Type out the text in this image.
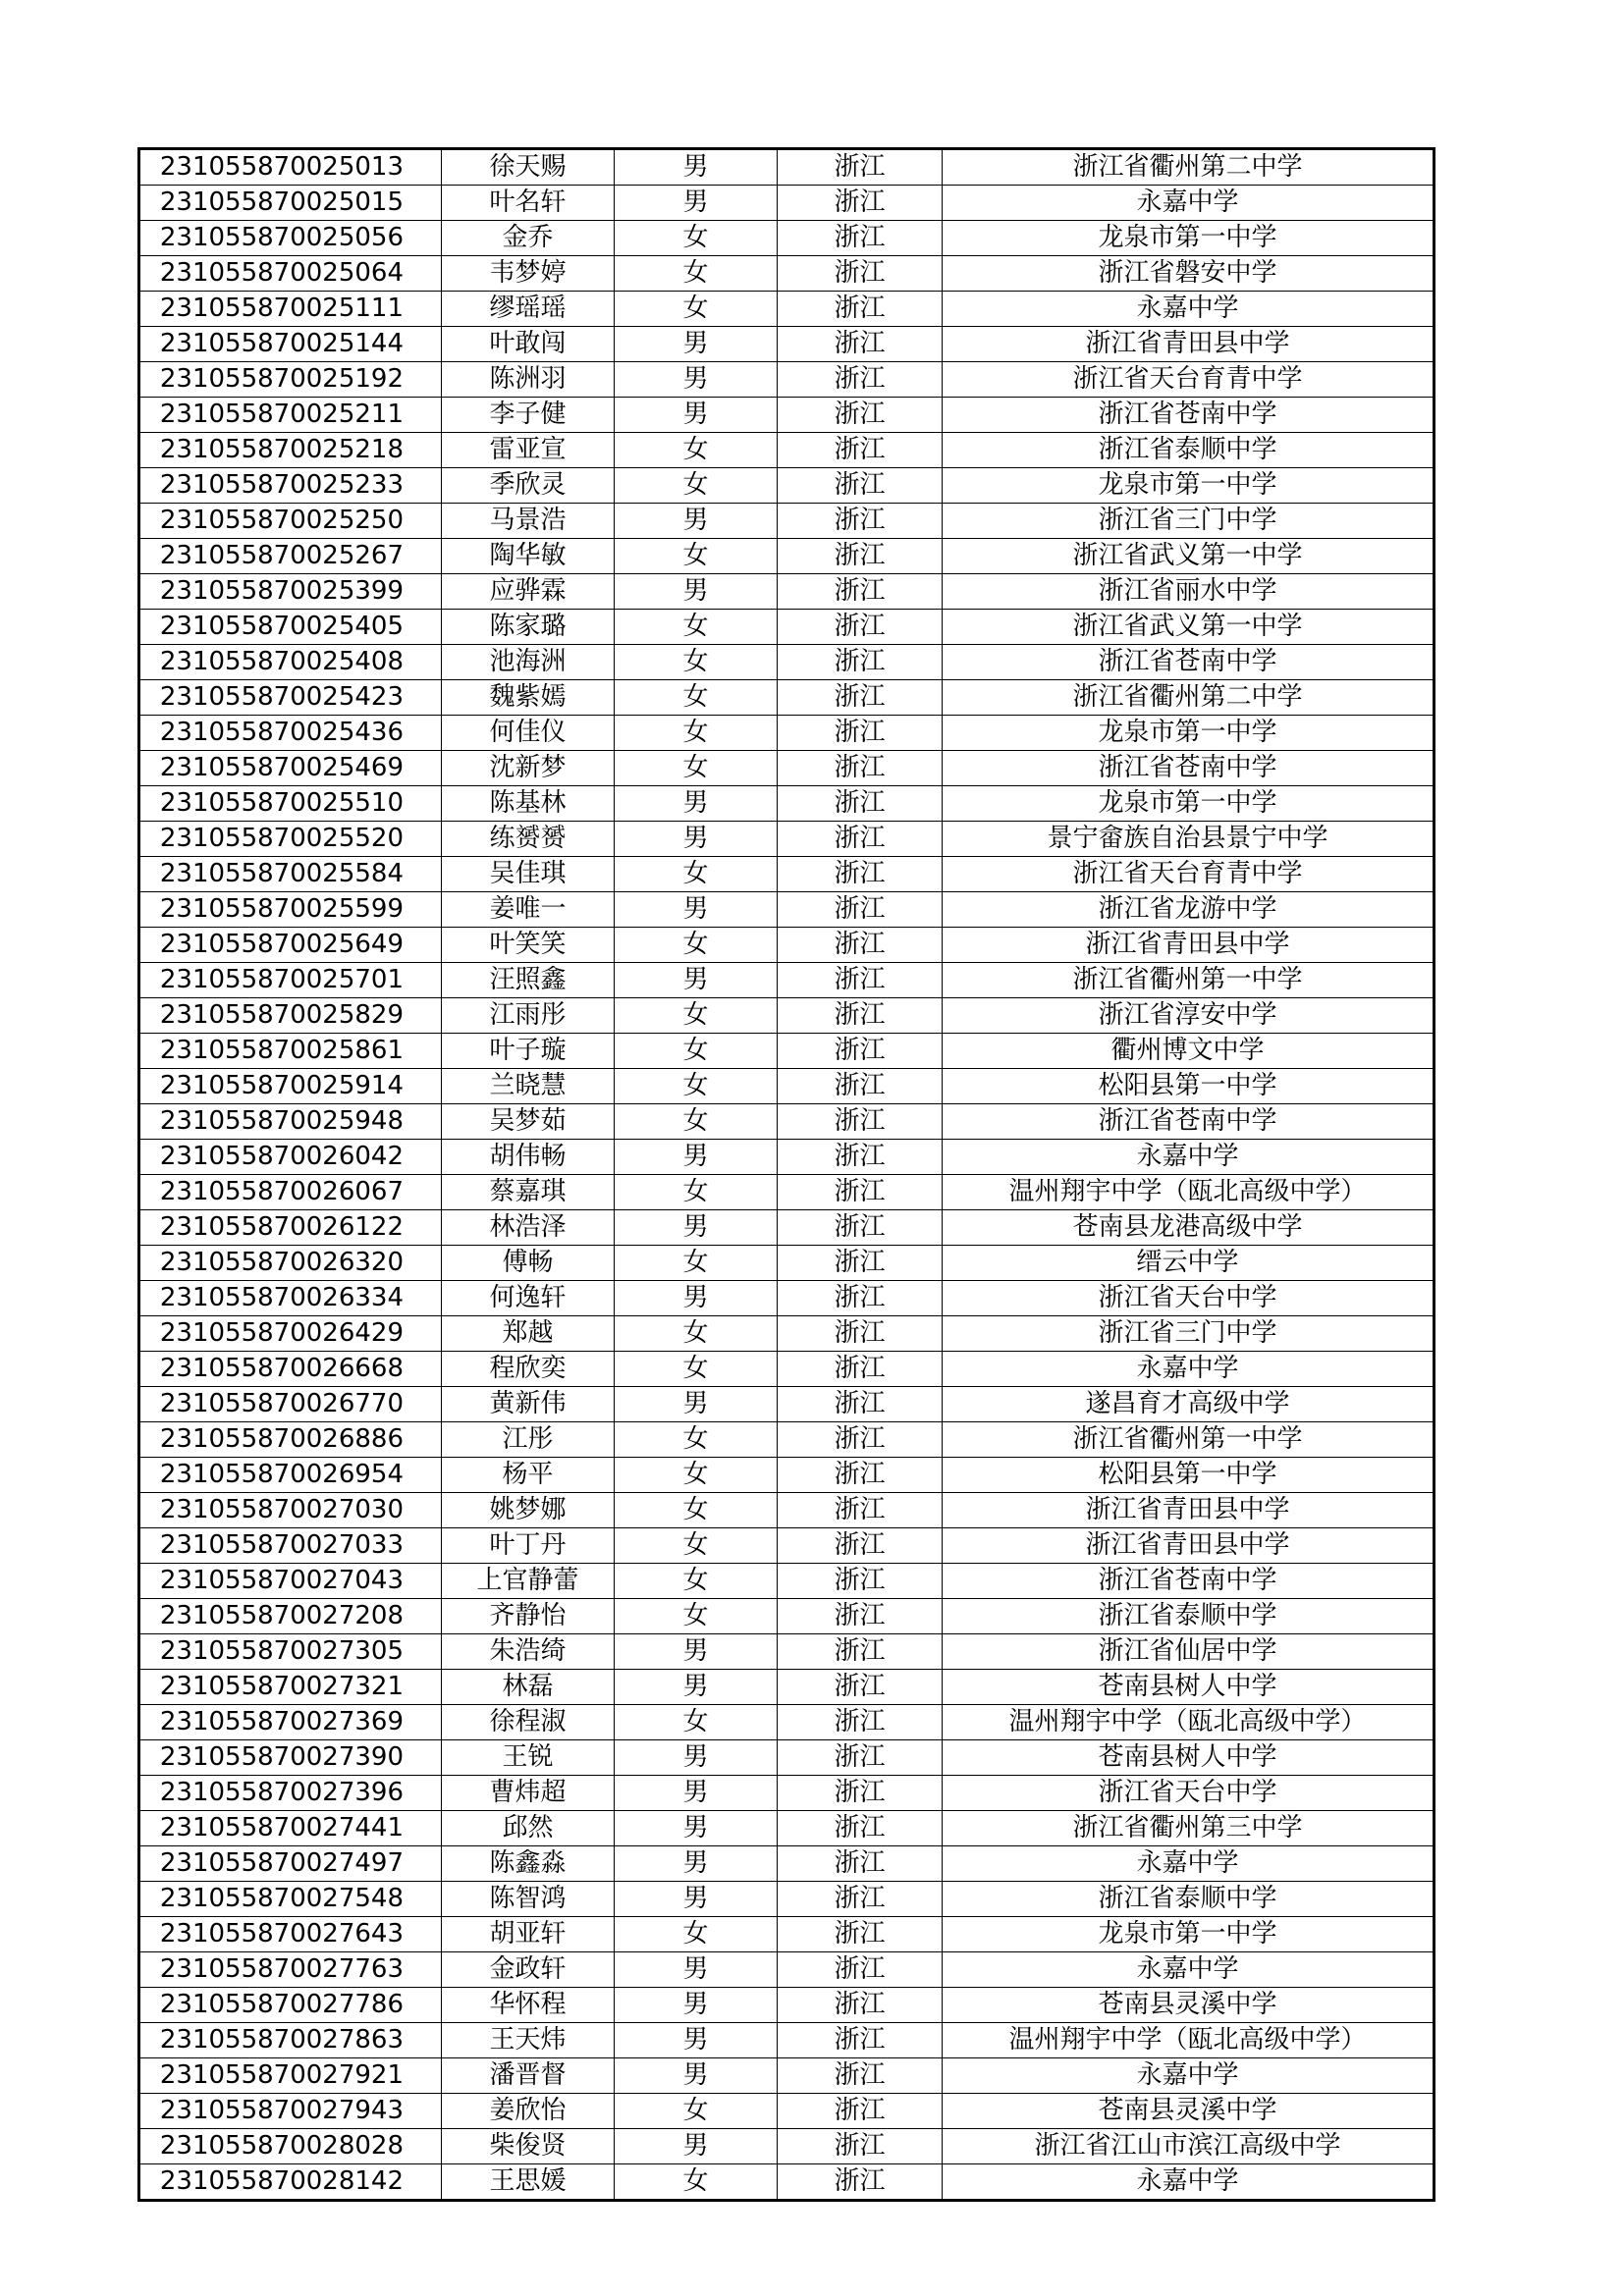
231055870025013	徐天赐	男	浙江	浙江省衢州第二中学
231055870025015	叶名轩	男	浙江	永嘉中学
231055870025056	金乔	女	浙江	龙泉市第一中学
231055870025064	韦梦婷	女	浙江	浙江省磐安中学
231055870025111	缪瑶瑶	女	浙江	永嘉中学
231055870025144	叶敢闯	男	浙江	浙江省青田县中学
231055870025192	陈洲羽	男	浙江	浙江省天台育青中学
231055870025211	李子健	男	浙江	浙江省苍南中学
231055870025218	雷亚宣	女	浙江	浙江省泰顺中学
231055870025233	季欣灵	女	浙江	龙泉市第一中学
231055870025250	马景浩	男	浙江	浙江省三门中学
231055870025267	陶华敏	女	浙江	浙江省武义第一中学
231055870025399	应骅霖	男	浙江	浙江省丽水中学
231055870025405	陈家璐	女	浙江	浙江省武义第一中学
231055870025408	池海洲	女	浙江	浙江省苍南中学
231055870025423	魏紫嫣	女	浙江	浙江省衢州第二中学
231055870025436	何佳仪	女	浙江	龙泉市第一中学
231055870025469	沈新梦	女	浙江	浙江省苍南中学
231055870025510	陈基林	男	浙江	龙泉市第一中学
231055870025520	练赟赟	男	浙江	景宁畲族自治县景宁中学
231055870025584	吴佳琪	女	浙江	浙江省天台育青中学
231055870025599	姜唯一	男	浙江	浙江省龙游中学
231055870025649	叶笑笑	女	浙江	浙江省青田县中学
231055870025701	汪照鑫	男	浙江	浙江省衢州第一中学
231055870025829	江雨彤	女	浙江	浙江省淳安中学
231055870025861	叶子璇	女	浙江	衢州博文中学
231055870025914	兰晓慧	女	浙江	松阳县第一中学
231055870025948	吴梦茹	女	浙江	浙江省苍南中学
231055870026042	胡伟畅	男	浙江	永嘉中学
231055870026067	蔡嘉琪	女	浙江	温州翔宇中学（瓯北高级中学）
231055870026122	林浩泽	男	浙江	苍南县龙港高级中学
231055870026320	傅畅	女	浙江	缙云中学
231055870026334	何逸轩	男	浙江	浙江省天台中学
231055870026429	郑越	女	浙江	浙江省三门中学
231055870026668	程欣奕	女	浙江	永嘉中学
231055870026770	黄新伟	男	浙江	遂昌育才高级中学
231055870026886	江彤	女	浙江	浙江省衢州第一中学
231055870026954	杨平	女	浙江	松阳县第一中学
231055870027030	姚梦娜	女	浙江	浙江省青田县中学
231055870027033	叶丁丹	女	浙江	浙江省青田县中学
231055870027043	上官静蕾	女	浙江	浙江省苍南中学
231055870027208	齐静怡	女	浙江	浙江省泰顺中学
231055870027305	朱浩绮	男	浙江	浙江省仙居中学
231055870027321	林磊	男	浙江	苍南县树人中学
231055870027369	徐程淑	女	浙江	温州翔宇中学（瓯北高级中学）
231055870027390	王锐	男	浙江	苍南县树人中学
231055870027396	曹炜超	男	浙江	浙江省天台中学
231055870027441	邱然	男	浙江	浙江省衢州第三中学
231055870027497	陈鑫淼	男	浙江	永嘉中学
231055870027548	陈智鸿	男	浙江	浙江省泰顺中学
231055870027643	胡亚轩	女	浙江	龙泉市第一中学
231055870027763	金政轩	男	浙江	永嘉中学
231055870027786	华怀程	男	浙江	苍南县灵溪中学
231055870027863	王天炜	男	浙江	温州翔宇中学（瓯北高级中学）
231055870027921	潘晋督	男	浙江	永嘉中学
231055870027943	姜欣怡	女	浙江	苍南县灵溪中学
231055870028028	柴俊贤	男	浙江	浙江省江山市滨江高级中学
231055870028142	王思媛	女	浙江	永嘉中学
